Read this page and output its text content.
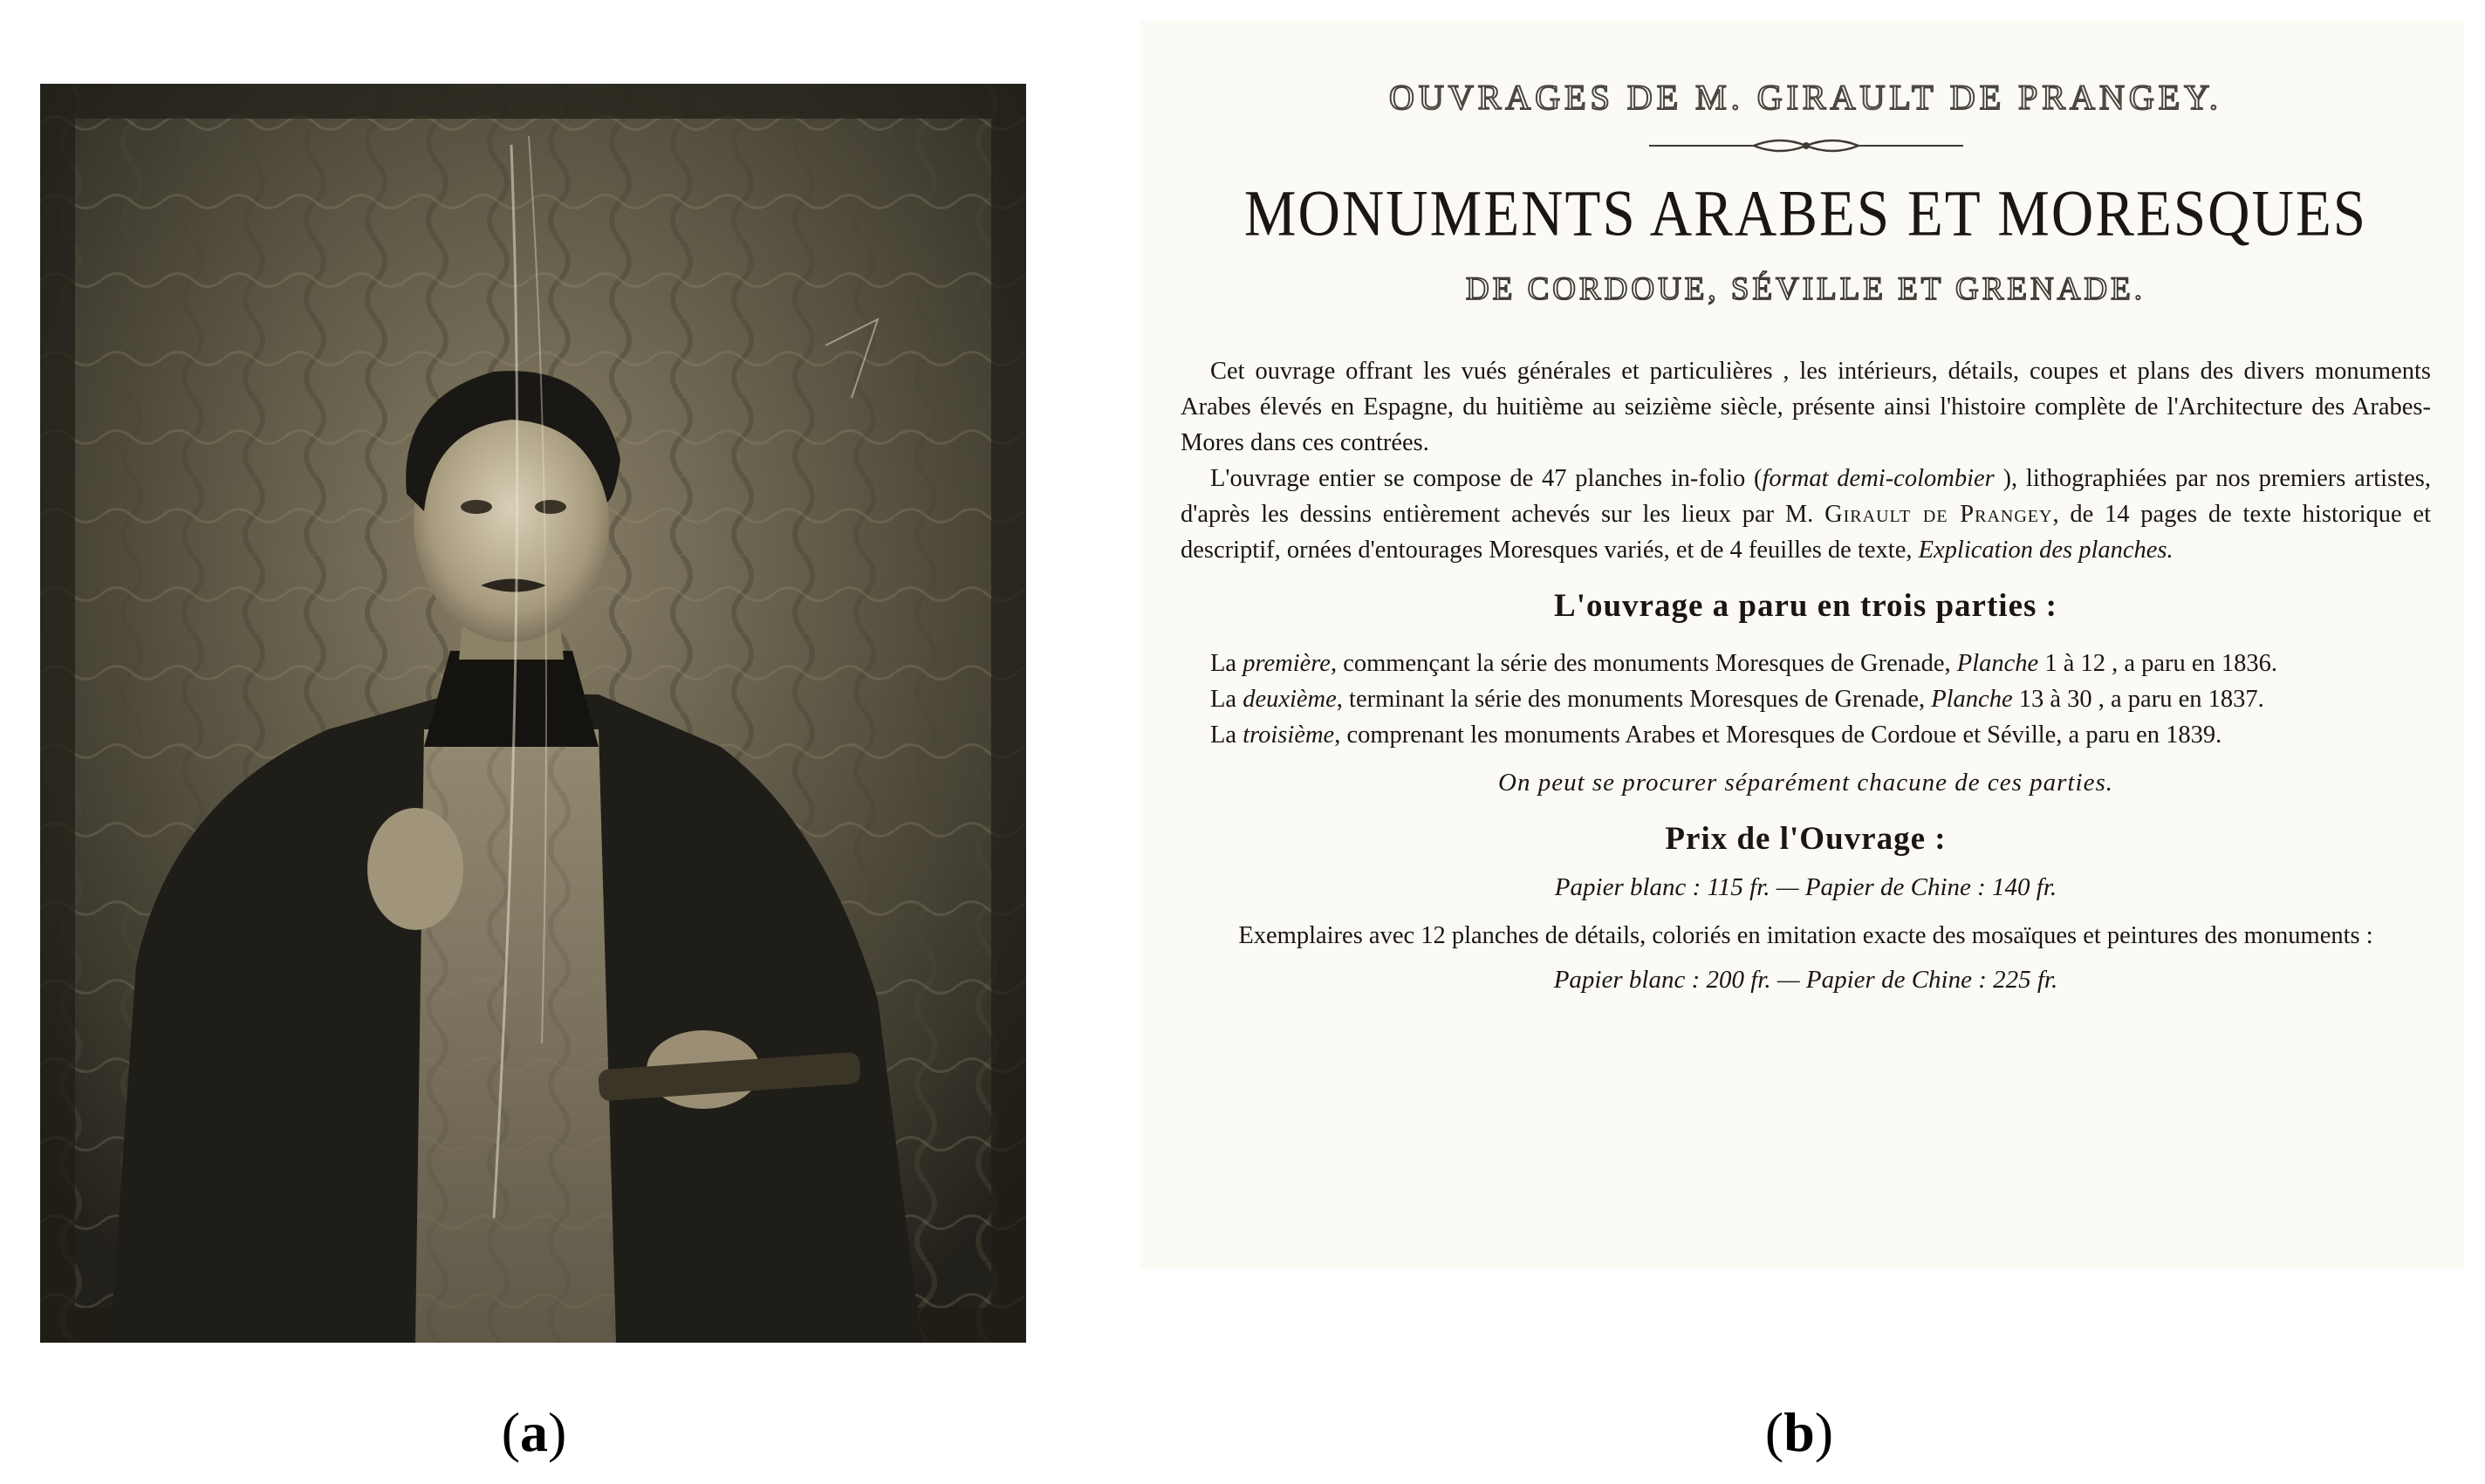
(a)
OUVRAGES DE M. GIRAULT DE PRANGEY.
MONUMENTS ARABES ET MORESQUES
DE CORDOUE, SÉVILLE ET GRENADE.

Cet ouvrage offrant les vués générales et particulières , les intérieurs, détails, coupes et plans des divers monuments Arabes élevés en Espagne, du huitième au seizième siècle, présente ainsi l'histoire complète de l'Architecture des Arabes-Mores dans ces contrées.

L'ouvrage entier se compose de 47 planches in-folio (format demi-colombier ), lithographiées par nos premiers artistes, d'après les dessins entièrement achevés sur les lieux par M. Girault de Prangey, de 14 pages de texte historique et descriptif, ornées d'entourages Moresques variés, et de 4 feuilles de texte, Explication des planches.

L'ouvrage a paru en trois parties :

La première, commençant la série des monuments Moresques de Grenade, Planche 1 à 12 , a paru en 1836.

La deuxième, terminant la série des monuments Moresques de Grenade, Planche 13 à 30 , a paru en 1837.

La troisième, comprenant les monuments Arabes et Moresques de Cordoue et Séville, a paru en 1839.

On peut se procurer séparément chacune de ces parties.
Prix de l'Ouvrage :
Papier blanc : 115 fr. — Papier de Chine : 140 fr.
Exemplaires avec 12 planches de détails, coloriés en imitation exacte des mosaïques et peintures des monuments :
Papier blanc : 200 fr. — Papier de Chine : 225 fr.
(b)
